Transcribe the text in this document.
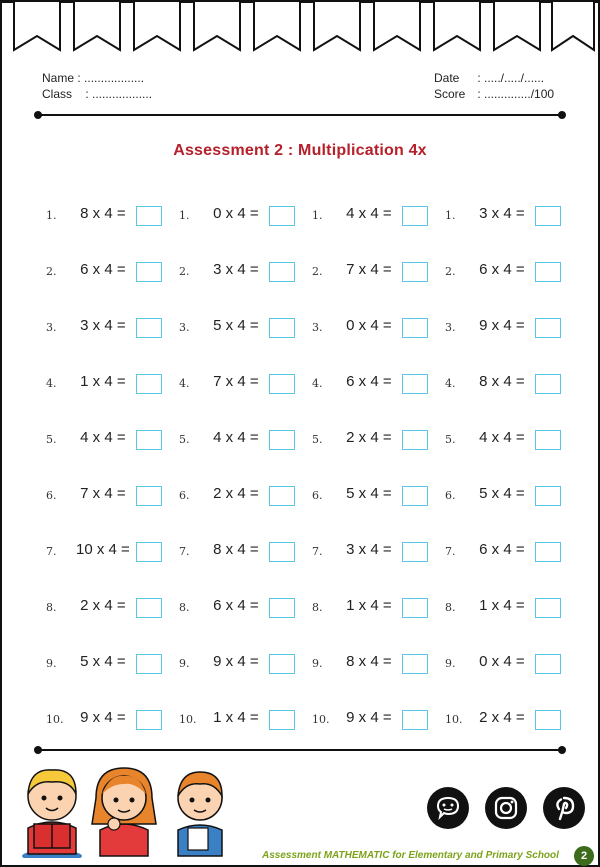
Name : ..................
Class : ..................
Date : ...../...../......
Score : ............../100
Assessment 2 : Multiplication 4x
1. 8 x 4 =
2. 6 x 4 =
3. 3 x 4 =
4. 1 x 4 =
5. 4 x 4 =
6. 7 x 4 =
7. 10 x 4 =
8. 2 x 4 =
9. 5 x 4 =
10. 9 x 4 =
1. 0 x 4 =
2. 3 x 4 =
3. 5 x 4 =
4. 7 x 4 =
5. 4 x 4 =
6. 2 x 4 =
7. 8 x 4 =
8. 6 x 4 =
9. 9 x 4 =
10. 1 x 4 =
1. 4 x 4 =
2. 7 x 4 =
3. 0 x 4 =
4. 6 x 4 =
5. 2 x 4 =
6. 5 x 4 =
7. 3 x 4 =
8. 1 x 4 =
9. 8 x 4 =
10. 9 x 4 =
1. 3 x 4 =
2. 6 x 4 =
3. 9 x 4 =
4. 8 x 4 =
5. 4 x 4 =
6. 5 x 4 =
7. 6 x 4 =
8. 1 x 4 =
9. 0 x 4 =
10. 2 x 4 =
Assessment MATHEMATIC for Elementary and Primary School	2
